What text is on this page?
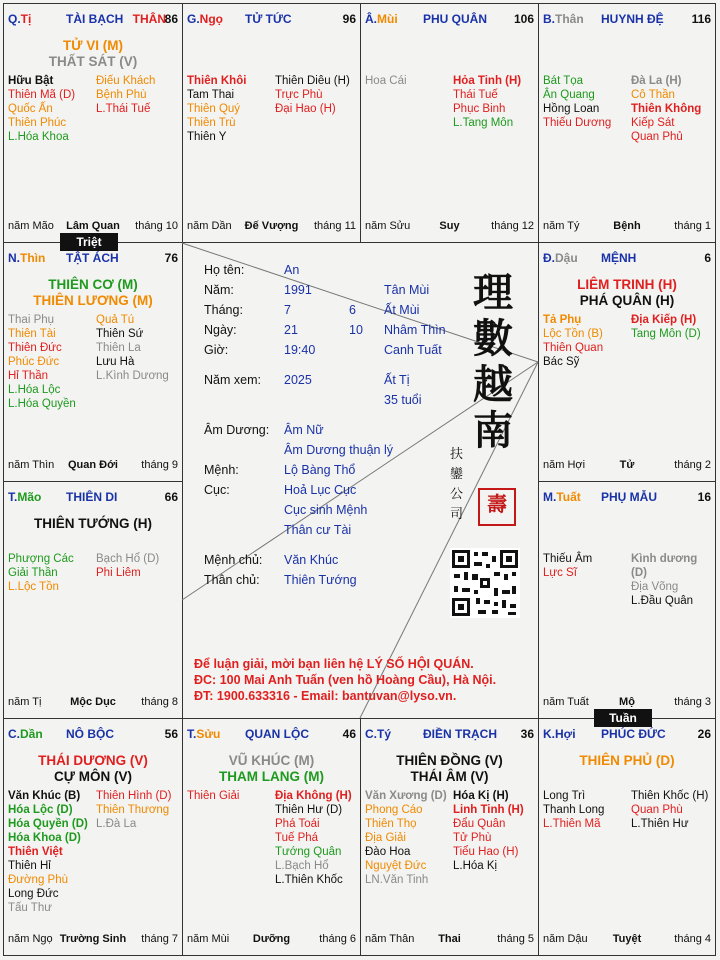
Q.Tị	TÀI BẠCH THÂN
86
TỬ VI (M)
THẤT SÁT (V)
Hữu Bật
Thiên Mã (D)
Quốc Ấn
Thiên Phúc
L.Hóa Khoa
Điếu Khách
Bệnh Phù
L.Thái Tuế
năm Mão	Lâm Quan	tháng 10
G.Ngọ TỬ TỨC	96
Thiên Khôi
Tam Thai
Thiên Quý
Thiên Trù
Thiên Y
Thiên Diêu (H)
Trực Phù
Đại Hao (H)
năm Dần	Đế Vượng	tháng 11
Â.Mùi PHU QUÂN 106
Hoa Cái	Hỏa Tinh (H)
Thái Tuế
Phục Binh
L.Tang Môn
năm Sửu	Suy	tháng 12
B.Thân HUYNH ĐỆ 116
Bát Tọa
Ân Quang
Hồng Loan
Thiếu Dương
Đà La (H)
Cô Thần
Thiên Không
Kiếp Sát
Quan Phủ
năm Tý	Bệnh	tháng 1
Đ.Dậu MỆNH	6
LIÊM TRINH (H)
PHÁ QUÂN (H)
Tả Phụ
Lộc Tồn (B)
Thiên Quan
Bác Sỹ
Địa Kiếp (H)
Tang Môn (D)
năm Hợi	Tử	tháng 2
M.Tuất PHỤ MẪU	16
Thiếu Âm
Lực Sĩ
Kình dương (D)
Địa Võng
L.Đầu Quân
năm Tuất	Mộ	tháng 3
K.Hợi PHÚC ĐỨC	26
THIÊN PHỦ (D)
Long Trì
Thanh Long
L.Thiên Mã
Thiên Khốc (H)
Quan Phù
L.Thiên Hư
năm Dậu	Tuyệt	tháng 4
C.Tý	ĐIỀN TRẠCH 36
THIÊN ĐỒNG (V)
THÁI ÂM (V)
Văn Xương (D)
Phong Cáo
Thiên Thọ
Địa Giải
Đào Hoa
Nguyệt Đức
LN.Văn Tinh
Hóa Kị (H)
Linh Tinh (H)
Đẩu Quân
Tử Phù
Tiểu Hao (H)
L.Hóa Kị
năm Thân	Thai	tháng 5
T.Sửu QUAN LỘC	46
VŨ KHÚC (M)
THAM LANG (M)
Thiên Giải	Địa Không (H)
Thiên Hư (D)
Phá Toái
Tuế Phá
Tướng Quân
L.Bạch Hổ
L.Thiên Khốc
năm Mùi	Dưỡng	tháng 6
C.Dần NÔ BỘC	56
THÁI DƯƠNG (V)
CỰ MÔN (V)
Văn Khúc (B)
Hóa Lộc (D)
Hóa Quyền (D)
Hóa Khoa (D)
Thiên Việt
Thiên Hỉ
Đường Phù
Long Đức
Tấu Thư
Thiên Hình (D)
Thiên Thương
L.Đà La
năm Ngọ Trường Sinh	tháng 7
T.Mão THIÊN DI	66
THIÊN TƯỚNG (H)
Phượng Các
Giải Thần
L.Lộc Tồn
Bạch Hổ (D)
Phi Liêm
năm Tị	Mộc Dục	tháng 8
N.Thìn TẬT ÁCH	76
THIÊN CƠ (M)
THIÊN LƯƠNG (M)
Thai Phụ
Thiên Tài
Thiên Đức
Phúc Đức
Hỉ Thần
L.Hóa Lộc
L.Hóa Quyền
Quả Tú
Thiên Sứ
Thiên La
Lưu Hà
L.Kình Dương
năm Thìn	Quan Đới	tháng 9
Triệt
Tuần
Họ tên:	An
Năm:	1991	Tân Mùi
Tháng:	7	6 Ất Mùi
Ngày:	21	10 Nhâm Thìn
Giờ:	19:40	Canh Tuất
Năm xem: 2025	Ất Tị
35 tuổi
Âm Dương: Âm Nữ
Âm Dương thuận lý
Mệnh:	Lộ Bàng Thổ
Cục:	Hoả Lục Cục
Cục sinh Mệnh
Thân cư Tài
Mệnh chủ: Văn Khúc
Thân chủ: Thiên Tướng
理
數
越
南
扶 鑾 公 司	壽
Để luận giải, mời bạn liên hệ LÝ SỐ HỘI QUÁN.
ĐC: 100 Mai Anh Tuấn (ven hồ Hoàng Cầu), Hà Nội.
ĐT: 1900.633316 - Email: bantuvan@lyso.vn.
